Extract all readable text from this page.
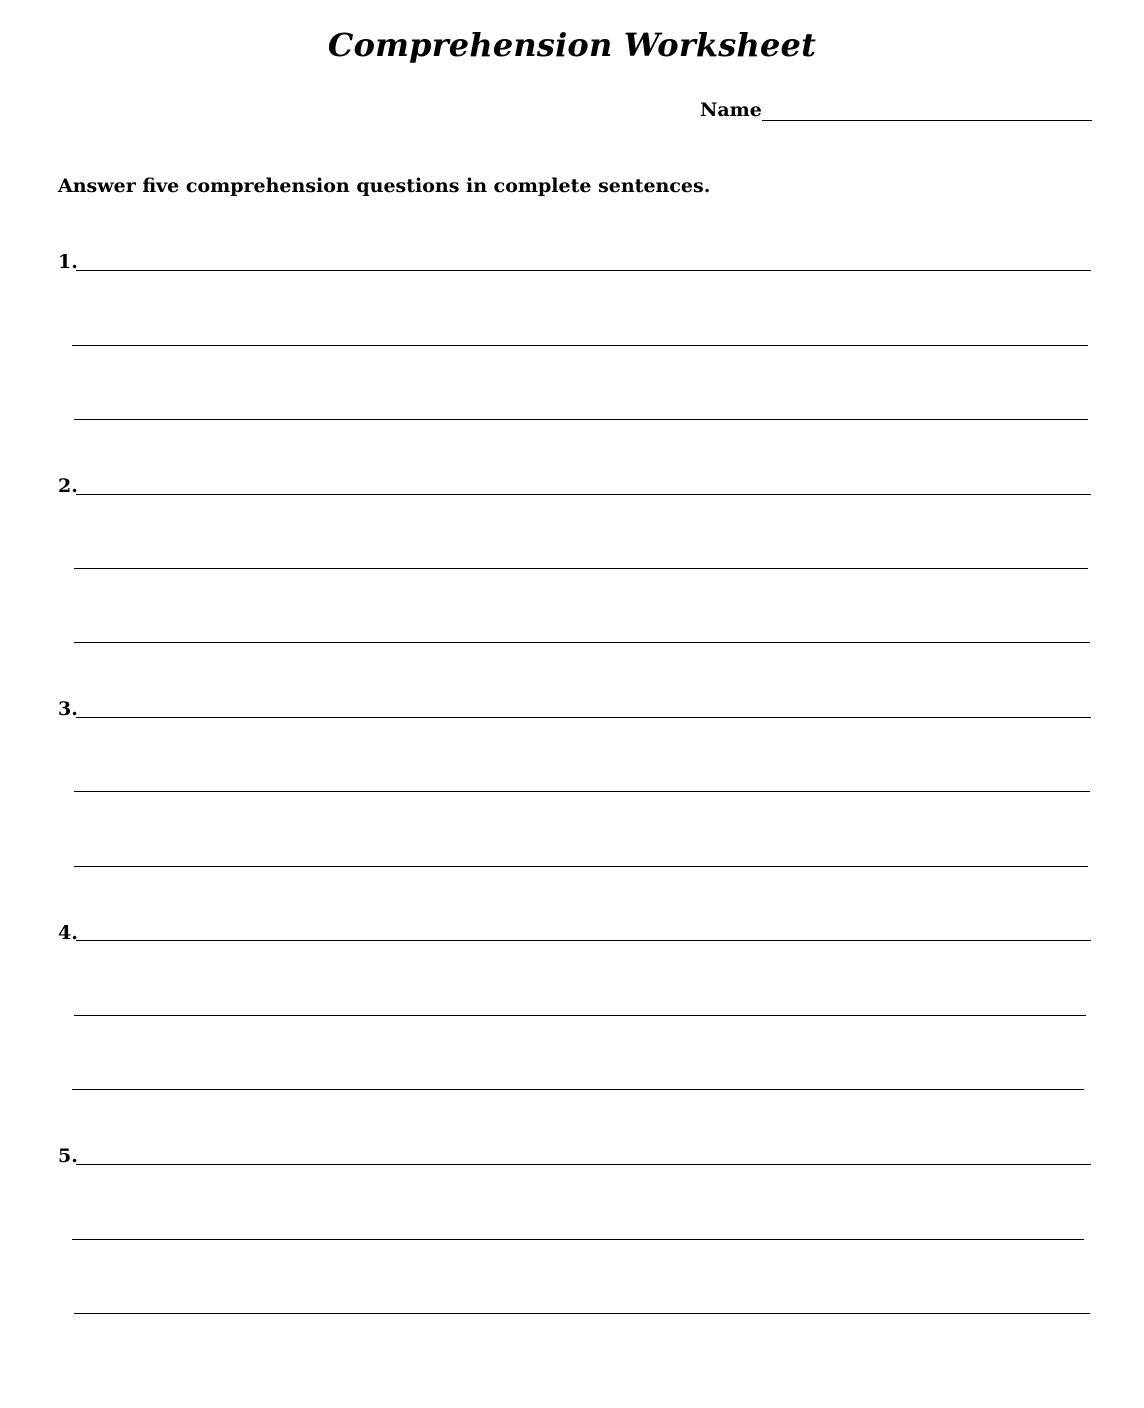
Comprehension Worksheet
Name
Answer five comprehension questions in complete sentences.
1.
2.
3.
4.
5.
